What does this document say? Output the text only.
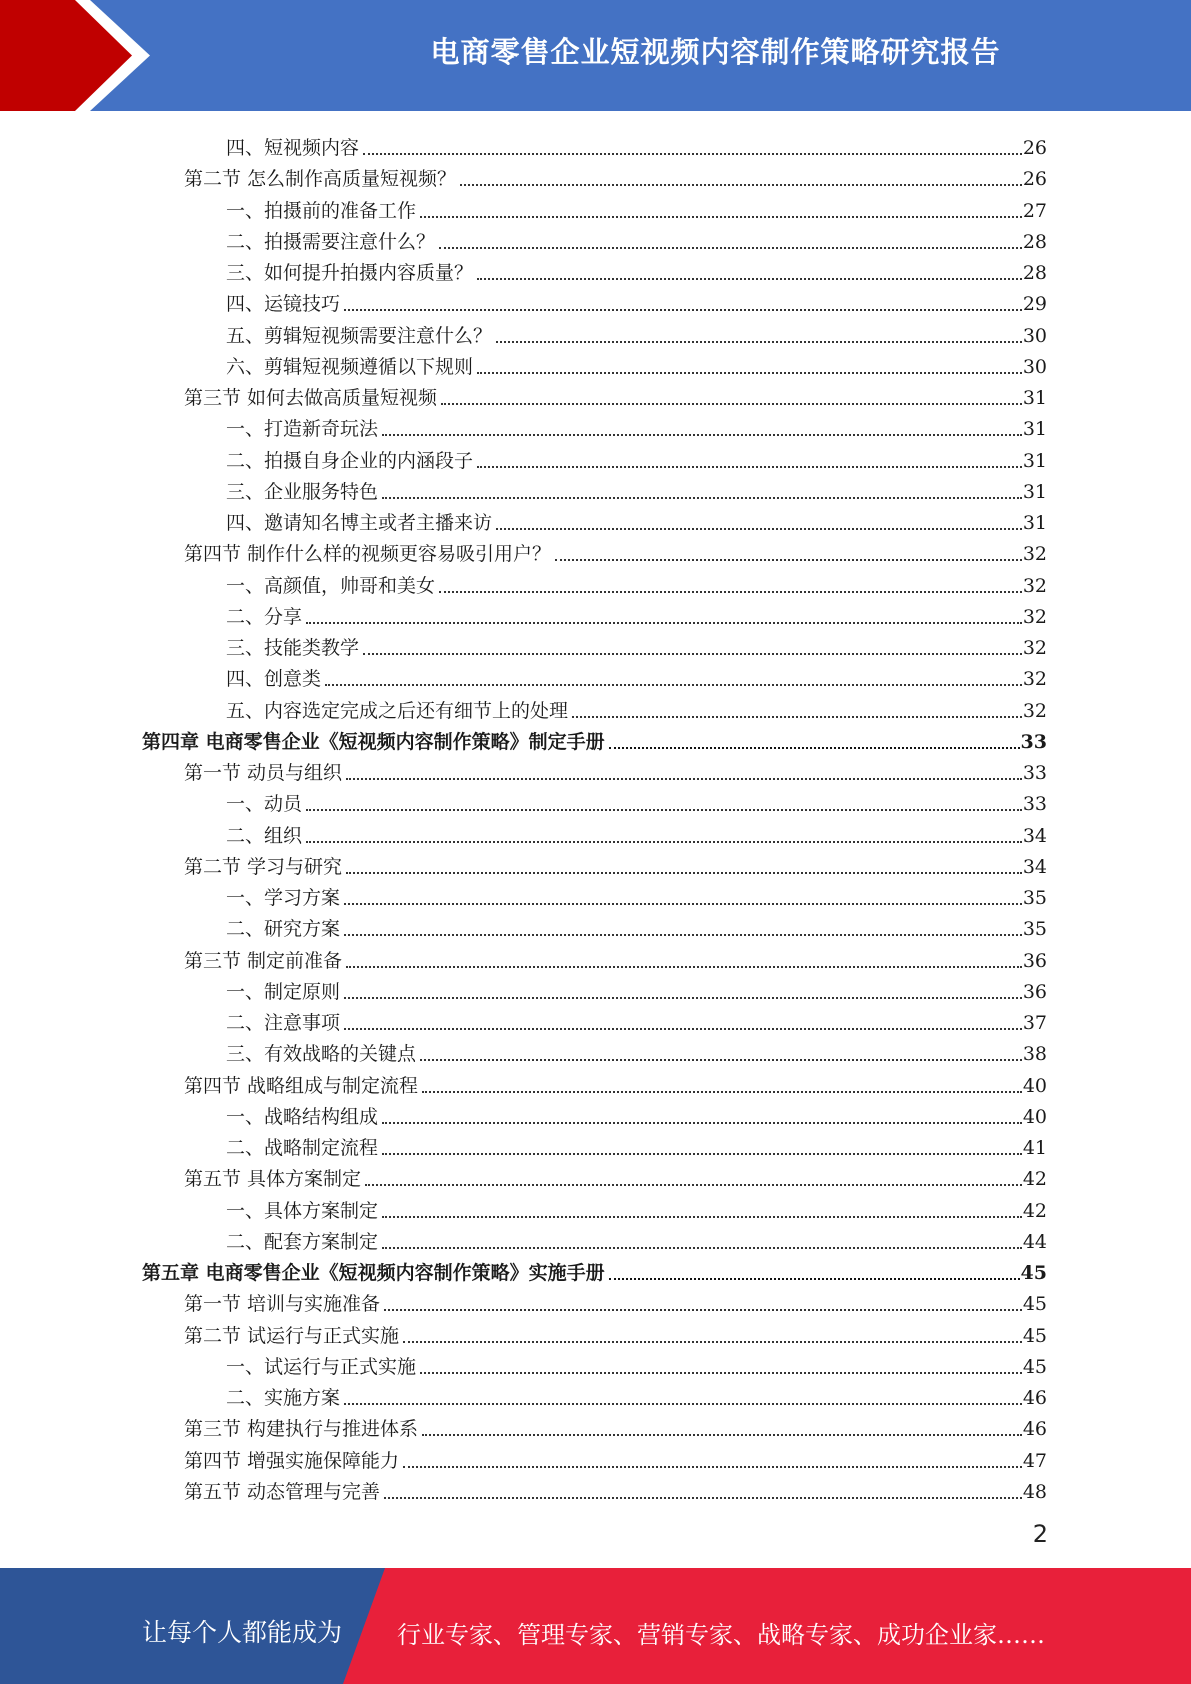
电商零售企业短视频内容制作策略研究报告
四、短视频内容	26
第二节 怎么制作高质量短视频？	26
一、拍摄前的准备工作	27
二、拍摄需要注意什么？	28
三、如何提升拍摄内容质量？	28
四、运镜技巧	29
五、剪辑短视频需要注意什么？	30
六、剪辑短视频遵循以下规则	30
第三节 如何去做高质量短视频	31
一、打造新奇玩法	31
二、拍摄自身企业的内涵段子	31
三、企业服务特色	31
四、邀请知名博主或者主播来访	31
第四节 制作什么样的视频更容易吸引用户？	32
一、高颜值，帅哥和美女	32
二、分享	32
三、技能类教学	32
四、创意类	32
五、内容选定完成之后还有细节上的处理	32
第四章 电商零售企业《短视频内容制作策略》制定手册	33
第一节 动员与组织	33
一、动员	33
二、组织	34
第二节 学习与研究	34
一、学习方案	35
二、研究方案	35
第三节 制定前准备	36
一、制定原则	36
二、注意事项	37
三、有效战略的关键点	38
第四节 战略组成与制定流程	40
一、战略结构组成	40
二、战略制定流程	41
第五节 具体方案制定	42
一、具体方案制定	42
二、配套方案制定	44
第五章 电商零售企业《短视频内容制作策略》实施手册	45
第一节 培训与实施准备	45
第二节 试运行与正式实施	45
一、试运行与正式实施	45
二、实施方案	46
第三节 构建执行与推进体系	46
第四节 增强实施保障能力	47
第五节 动态管理与完善	48
2
让每个人都能成为 行业专家、管理专家、营销专家、战略专家、成功企业家……
